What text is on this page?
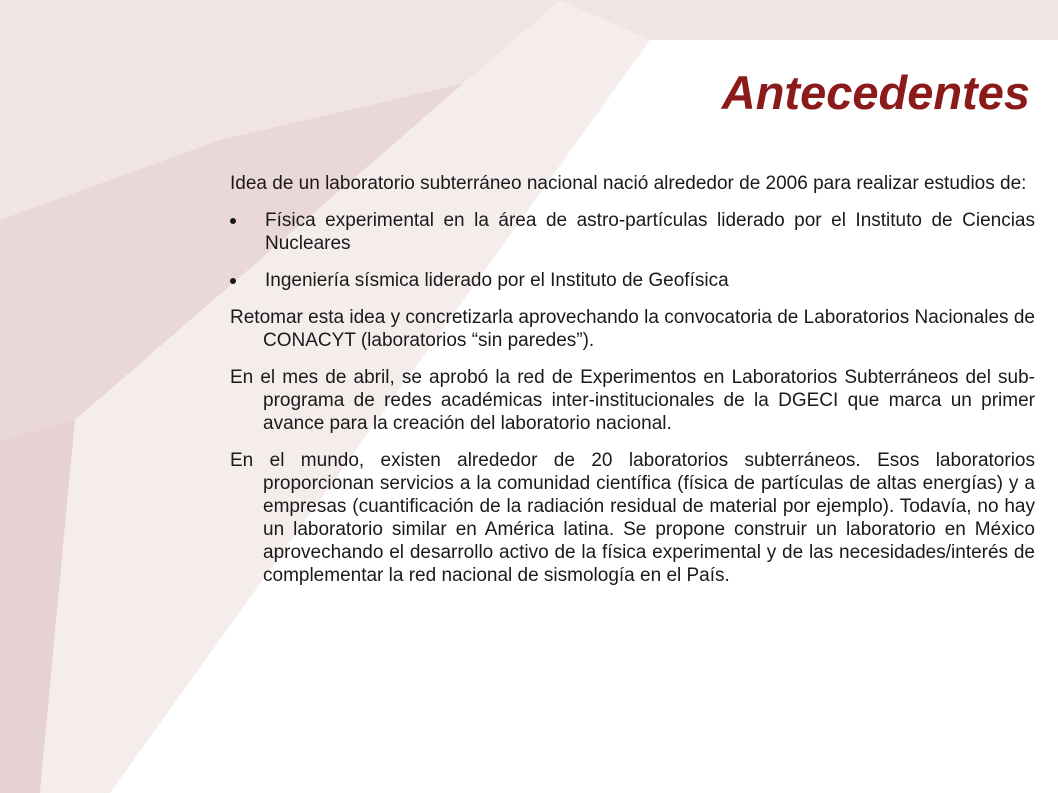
Antecedentes

Idea de un laboratorio subterráneo nacional nació alrededor de 2006 para realizar estudios de:

Física experimental en la área de astro-partículas liderado por el Instituto de Ciencias Nucleares
Ingeniería sísmica liderado por el Instituto de Geofísica

Retomar esta idea y concretizarla aprovechando la convocatoria de Laboratorios Nacionales de CONACYT (laboratorios “sin paredes”).

En el mes de abril, se aprobó la red de Experimentos en Laboratorios Subterráneos del sub-programa de redes académicas inter-institucionales de la DGECI que marca un primer avance para la creación del laboratorio nacional.

En el mundo, existen alrededor de 20 laboratorios subterráneos. Esos laboratorios proporcionan servicios a la comunidad científica (física de partículas de altas energías) y a empresas (cuantificación de la radiación residual de material por ejemplo). Todavía, no hay un laboratorio similar en América latina. Se propone construir un laboratorio en México aprovechando el desarrollo activo de la física experimental y de las necesidades/interés de complementar la red nacional de sismología en el País.
